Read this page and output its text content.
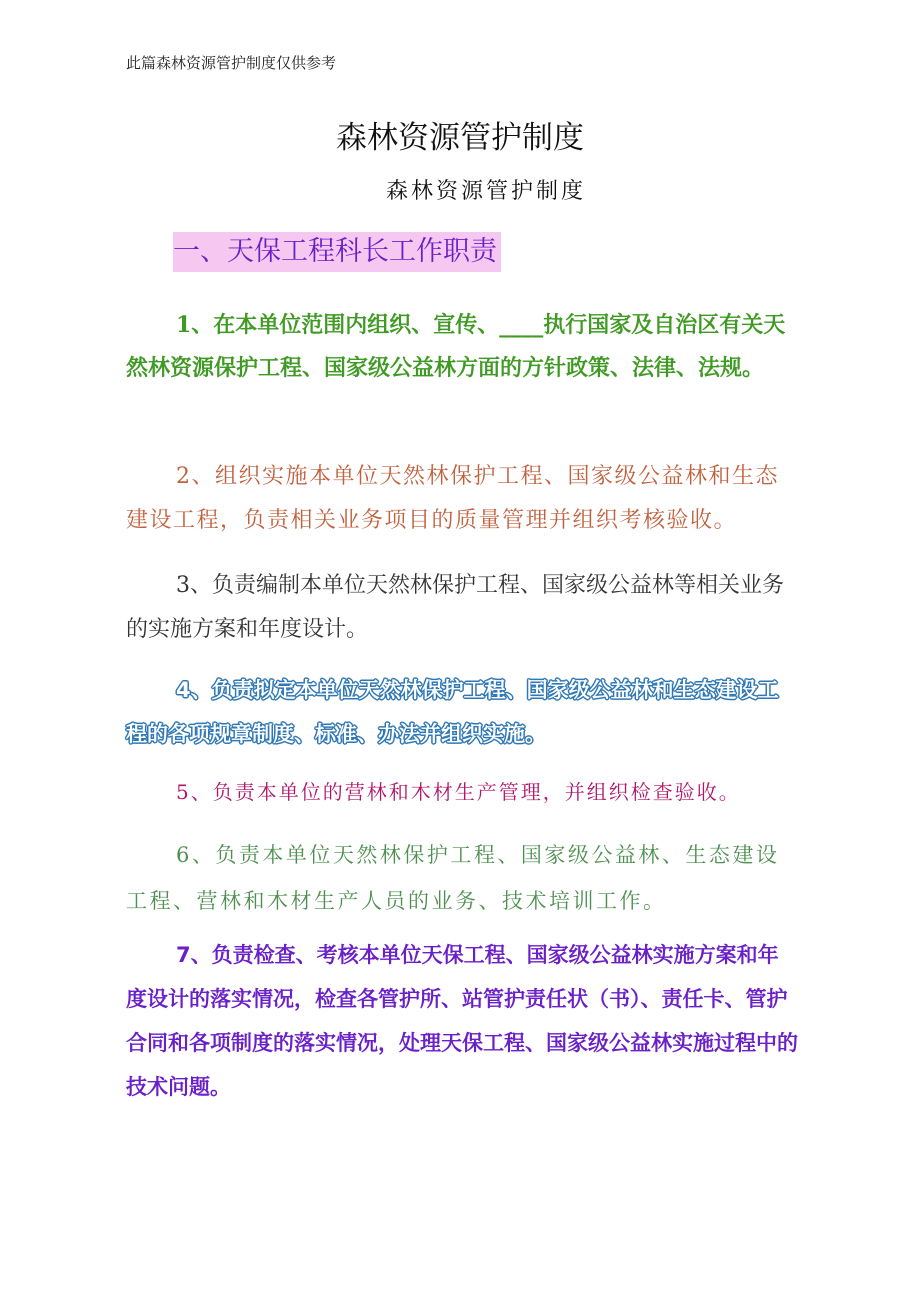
此篇森林资源管护制度仅供参考
森林资源管护制度
森林资源管护制度
一、天保工程科长工作职责

1、在本单位范围内组织、宣传、____执行国家及自治区有关天然林资源保护工程、国家级公益林方面的方针政策、法律、法规。

2、组织实施本单位天然林保护工程、国家级公益林和生态建设工程，负责相关业务项目的质量管理并组织考核验收。

3、负责编制本单位天然林保护工程、国家级公益林等相关业务的实施方案和年度设计。

4、负责拟定本单位天然林保护工程、国家级公益林和生态建设工程的各项规章制度、标准、办法并组织实施。

5、负责本单位的营林和木材生产管理，并组织检查验收。

6、负责本单位天然林保护工程、国家级公益林、生态建设工程、营林和木材生产人员的业务、技术培训工作。

7、负责检查、考核本单位天保工程、国家级公益林实施方案和年度设计的落实情况，检查各管护所、站管护责任状（书）、责任卡、管护合同和各项制度的落实情况，处理天保工程、国家级公益林实施过程中的技术问题。
